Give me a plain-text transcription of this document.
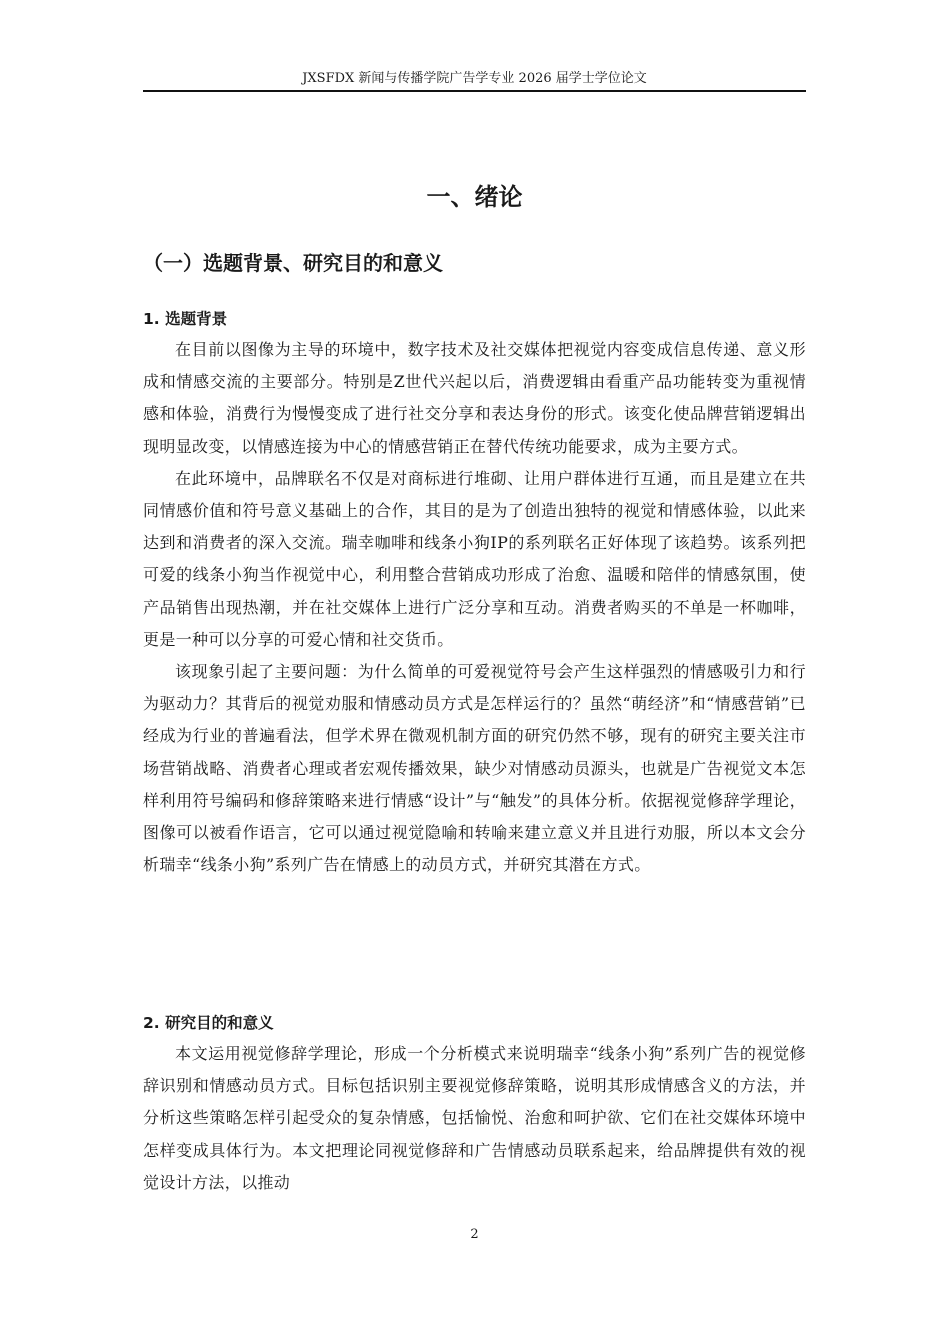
JXSFDX 新闻与传播学院广告学专业 2026 届学士学位论文
一、绪论
（一）选题背景、研究目的和意义
1. 选题背景

在目前以图像为主导的环境中，数字技术及社交媒体把视觉内容变成信息传递、意义形成和情感交流的主要部分。特别是Z世代兴起以后，消费逻辑由看重产品功能转变为重视情感和体验，消费行为慢慢变成了进行社交分享和表达身份的形式。该变化使品牌营销逻辑出现明显改变，以情感连接为中心的情感营销正在替代传统功能要求，成为主要方式。

在此环境中，品牌联名不仅是对商标进行堆砌、让用户群体进行互通，而且是建立在共同情感价值和符号意义基础上的合作，其目的是为了创造出独特的视觉和情感体验，以此来达到和消费者的深入交流。瑞幸咖啡和线条小狗IP的系列联名正好体现了该趋势。该系列把可爱的线条小狗当作视觉中心，利用整合营销成功形成了治愈、温暖和陪伴的情感氛围，使产品销售出现热潮，并在社交媒体上进行广泛分享和互动。消费者购买的不单是一杯咖啡，更是一种可以分享的可爱心情和社交货币。

该现象引起了主要问题：为什么简单的可爱视觉符号会产生这样强烈的情感吸引力和行为驱动力？其背后的视觉劝服和情感动员方式是怎样运行的？虽然“萌经济”和“情感营销”已经成为行业的普遍看法，但学术界在微观机制方面的研究仍然不够，现有的研究主要关注市场营销战略、消费者心理或者宏观传播效果，缺少对情感动员源头，也就是广告视觉文本怎样利用符号编码和修辞策略来进行情感“设计”与“触发”的具体分析。依据视觉修辞学理论，图像可以被看作语言，它可以通过视觉隐喻和转喻来建立意义并且进行劝服，所以本文会分析瑞幸“线条小狗”系列广告在情感上的动员方式，并研究其潜在方式。

2. 研究目的和意义

本文运用视觉修辞学理论，形成一个分析模式来说明瑞幸“线条小狗”系列广告的视觉修辞识别和情感动员方式。目标包括识别主要视觉修辞策略，说明其形成情感含义的方法，并分析这些策略怎样引起受众的复杂情感，包括愉悦、治愈和呵护欲、它们在社交媒体环境中怎样变成具体行为。本文把理论同视觉修辞和广告情感动员联系起来，给品牌提供有效的视觉设计方法，以推动

2
